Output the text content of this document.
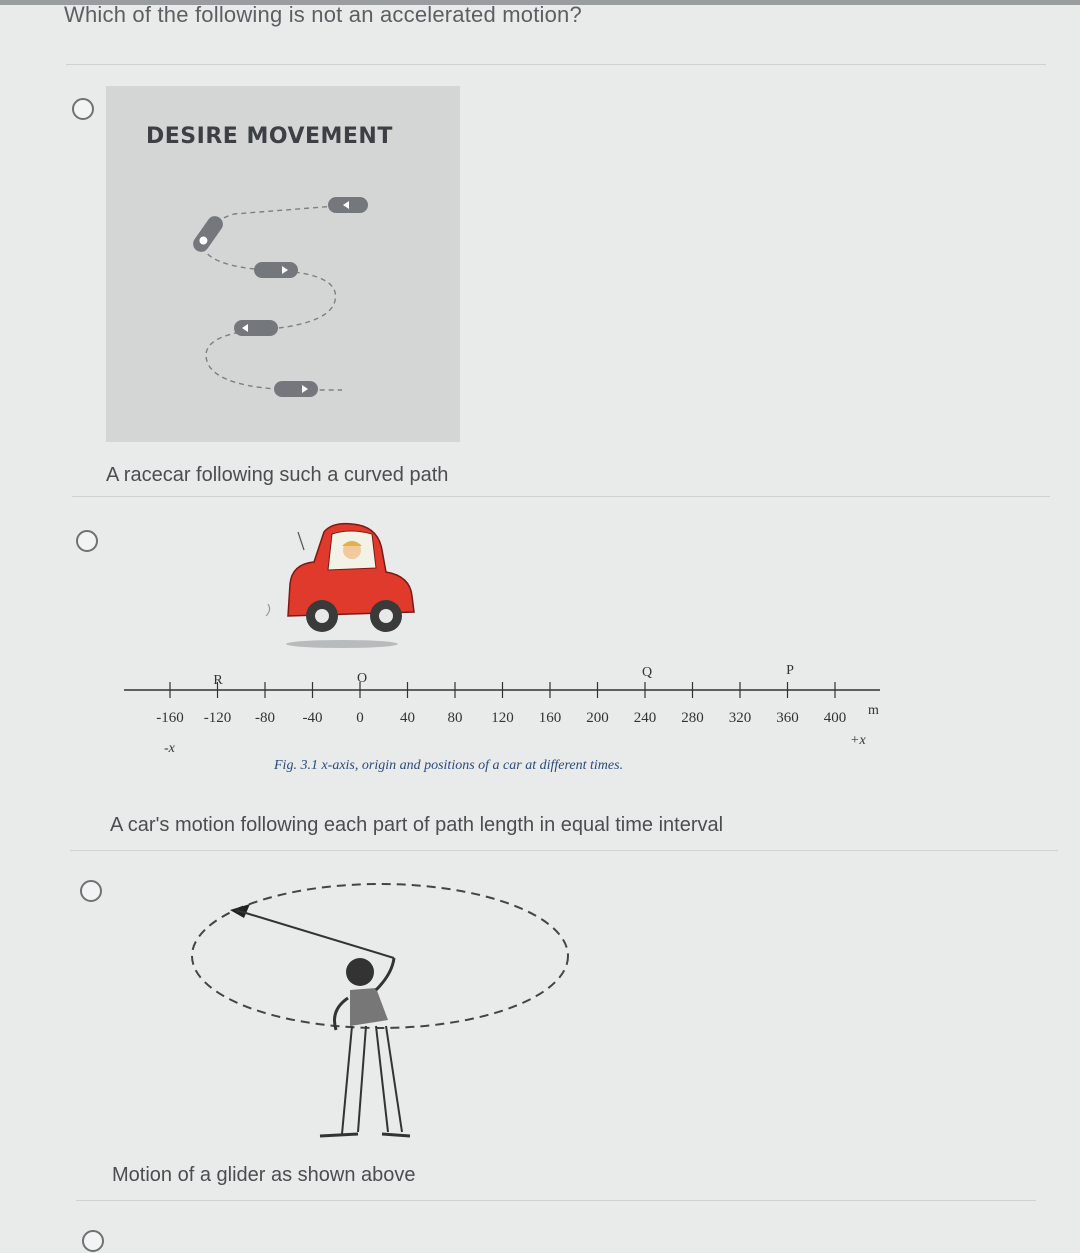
Which of the following is not an accelerated motion?
DESIRE MOVEMENT
A racecar following such a curved path
-160 -120 -80 -40 0 40 80 120 160 200 240 280 320 360 400
R	O	Q	P
m
-x
+x
Fig. 3.1 x-axis, origin and positions of a car at different times.
A car's motion following each part of path length in equal time interval
Motion of a glider as shown above
